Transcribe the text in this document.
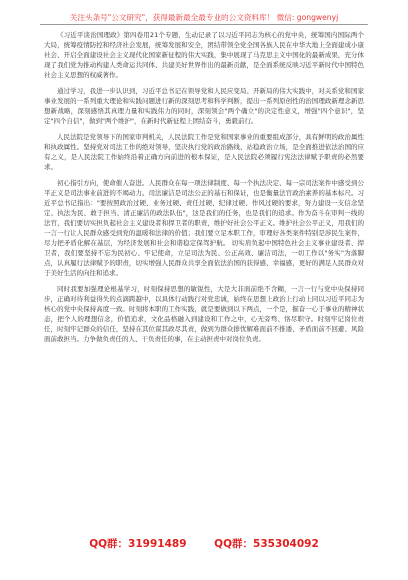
关注头条号"公文研究"，获得最新最全最专业的公文资料库！ 微信: gongwenyj

《习近平谈治国理政》第四卷用21个专题，生动记录了以习近平同志为核心的党中央，统筹国内国际两个大局，统筹疫情防控和经济社会发展，统筹发展和安全，团结带领全党全国各族人民在中华大地上全面建成小康社会、开启全面建设社会主义现代化国家新征程的伟大实践，集中展现了马克思主义中国化的最新成果，充分体现了我们党为推动构建人类命运共同体、共建美好世界作出的最新贡献，是全面系统反映习近平新时代中国特色社会主义思想的权威著作。

通过学习，我进一步认识到，习近平总书记在领导党和人民应变局、开新局的伟大实践中，对关系党和国家事业发展的一系列重大理论和实践问题进行新的深刻思考和科学判断，提出一系列原创性的治国理政新理念新思想新战略，深刻感悟其真理力量和实践伟力的同时，深刻领会"两个确立"的决定性意义，增强"四个意识"，坚定"四个自信"，做到"两个维护"，在新时代新征程上团结奋斗，勇毅前行。

人民法院是党领导下的国家审判机关，人民法院工作是党和国家事业的重要组成部分，具有鲜明的政治属性和执政属性。坚持党对司法工作的绝对领导，坚决执行党的政治路线、站稳政治立场，是全面推进依法治国的应有之义，是人民法院工作始终沿着正确方向前进的根本保证，是人民法院必须履行宪法法律赋予职责的必然要求。

初心指引方向，使命催人奋进。人民群众在每一项法律制度、每一个执法决定、每一宗司法案件中感受到公平正义是司法事业前进的不竭动力。司法廉洁是司法公正的基石和保证，也是衡量法官政治素养的基本标尺。习近平总书记指出："要按照政治过硬、业务过硬、责任过硬、纪律过硬、作风过硬的要求，努力建设一支信念坚定、执法为民、敢于担当、清正廉洁的政法队伍"，这是我们的任务，也是我们的追求。作为奋斗在审判一线的法官，我们要切实担负起社会主义建设者和捍卫者的职责，维护好社会公平正义。维护社会公平正义，用我们的一言一行让人民群众感受到党的温暖和法律的价值；我们要立足本职工作，审理好各类案件特别是涉民生案件，尽力把矛盾化解在基层，为经济发展和社会和谐稳定保驾护航。 切实肩负起中国特色社会主义事业建设者、捍卫者，我们要坚持不忘为民初心、牢记使命，立足司法为民、公正高效、廉洁司法，一切工作以"务实"为落脚点，认真履行法律赋予的职责，切实增强人民群众共享全面依法治国的获得感、幸福感，更好的满足人民群众对于美好生活的向往和追求。

同时我要加强理论根基学习，时刻保持思想的敏锐性，大是大非面前绝不含糊，一言一行与党中央保持同步，正确对待利益得失的点滴跨越中，以具体行动践行对党忠诚，始终在思想上政治上行动上同以习近平同志为核心的党中央保持高度一致。时刻将本职的工作实践，就是要做到以下两点，一个是，掘奋一心于事业的精神状态，把个人的理想信念，价值追求，文化品格融入到建设和工作之中，心无旁骛、恪尽职守。时刻牢记岗位责任，时刻牢记群众的信任，坚持在其位谋其政尽其责，做到为群众排忧解难面前不推诿、矛盾面前不回避、风险面前敢担当。力争做负责任的人、干负责任的事，在主动担责中对岗位负责。

QQ群：31991489	QQ群：535304092
